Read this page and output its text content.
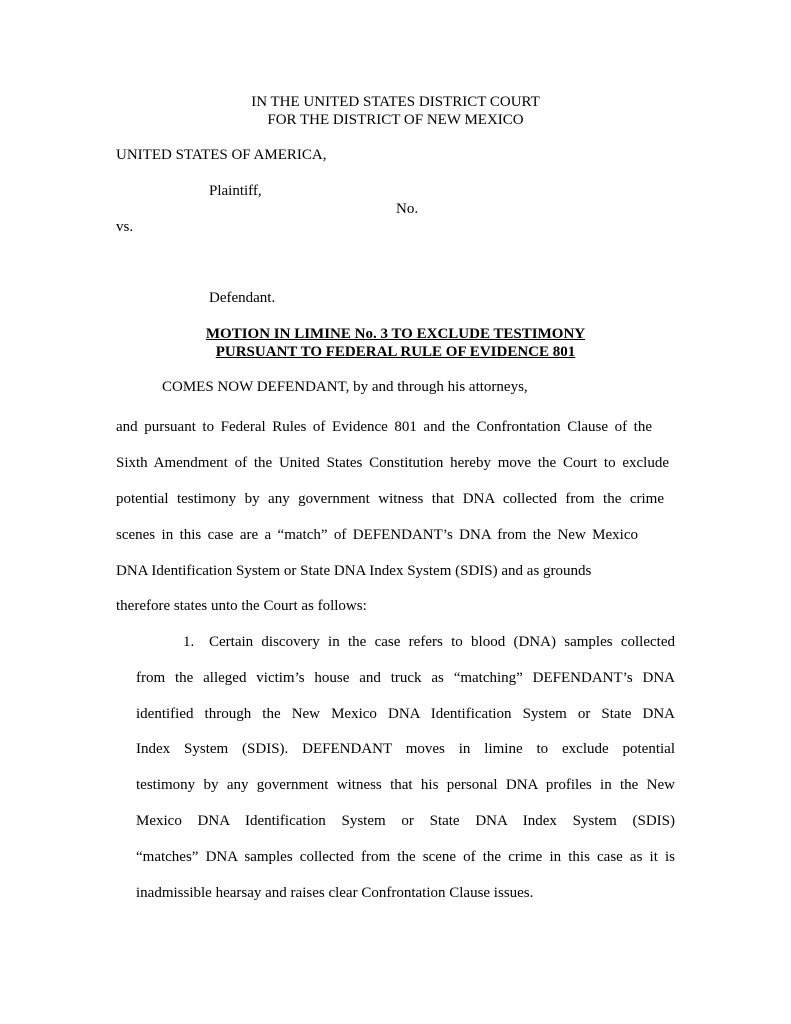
IN THE UNITED STATES DISTRICT COURT
FOR THE DISTRICT OF NEW MEXICO
UNITED STATES OF AMERICA,
Plaintiff,
No.
vs.
Defendant.
MOTION IN LIMINE No. 3 TO EXCLUDE TESTIMONY
PURSUANT TO FEDERAL RULE OF EVIDENCE 801
COMES NOW DEFENDANT, by and through his attorneys,
and pursuant to Federal Rules of Evidence 801 and the Confrontation Clause of the
Sixth Amendment of the United States Constitution hereby move the Court to exclude
potential testimony by any government witness that DNA collected from the crime
scenes in this case are a “match” of DEFENDANT’s DNA from the New Mexico
DNA Identification System or State DNA Index System (SDIS) and as grounds
therefore states unto the Court as follows:
1. Certain discovery in the case refers to blood (DNA) samples collected
from the alleged victim’s house and truck as “matching” DEFENDANT’s DNA
identified through the New Mexico DNA Identification System or State DNA
Index System (SDIS). DEFENDANT moves in limine to exclude potential
testimony by any government witness that his personal DNA profiles in the New
Mexico DNA Identification System or State DNA Index System (SDIS)
“matches” DNA samples collected from the scene of the crime in this case as it is
inadmissible hearsay and raises clear Confrontation Clause issues.
